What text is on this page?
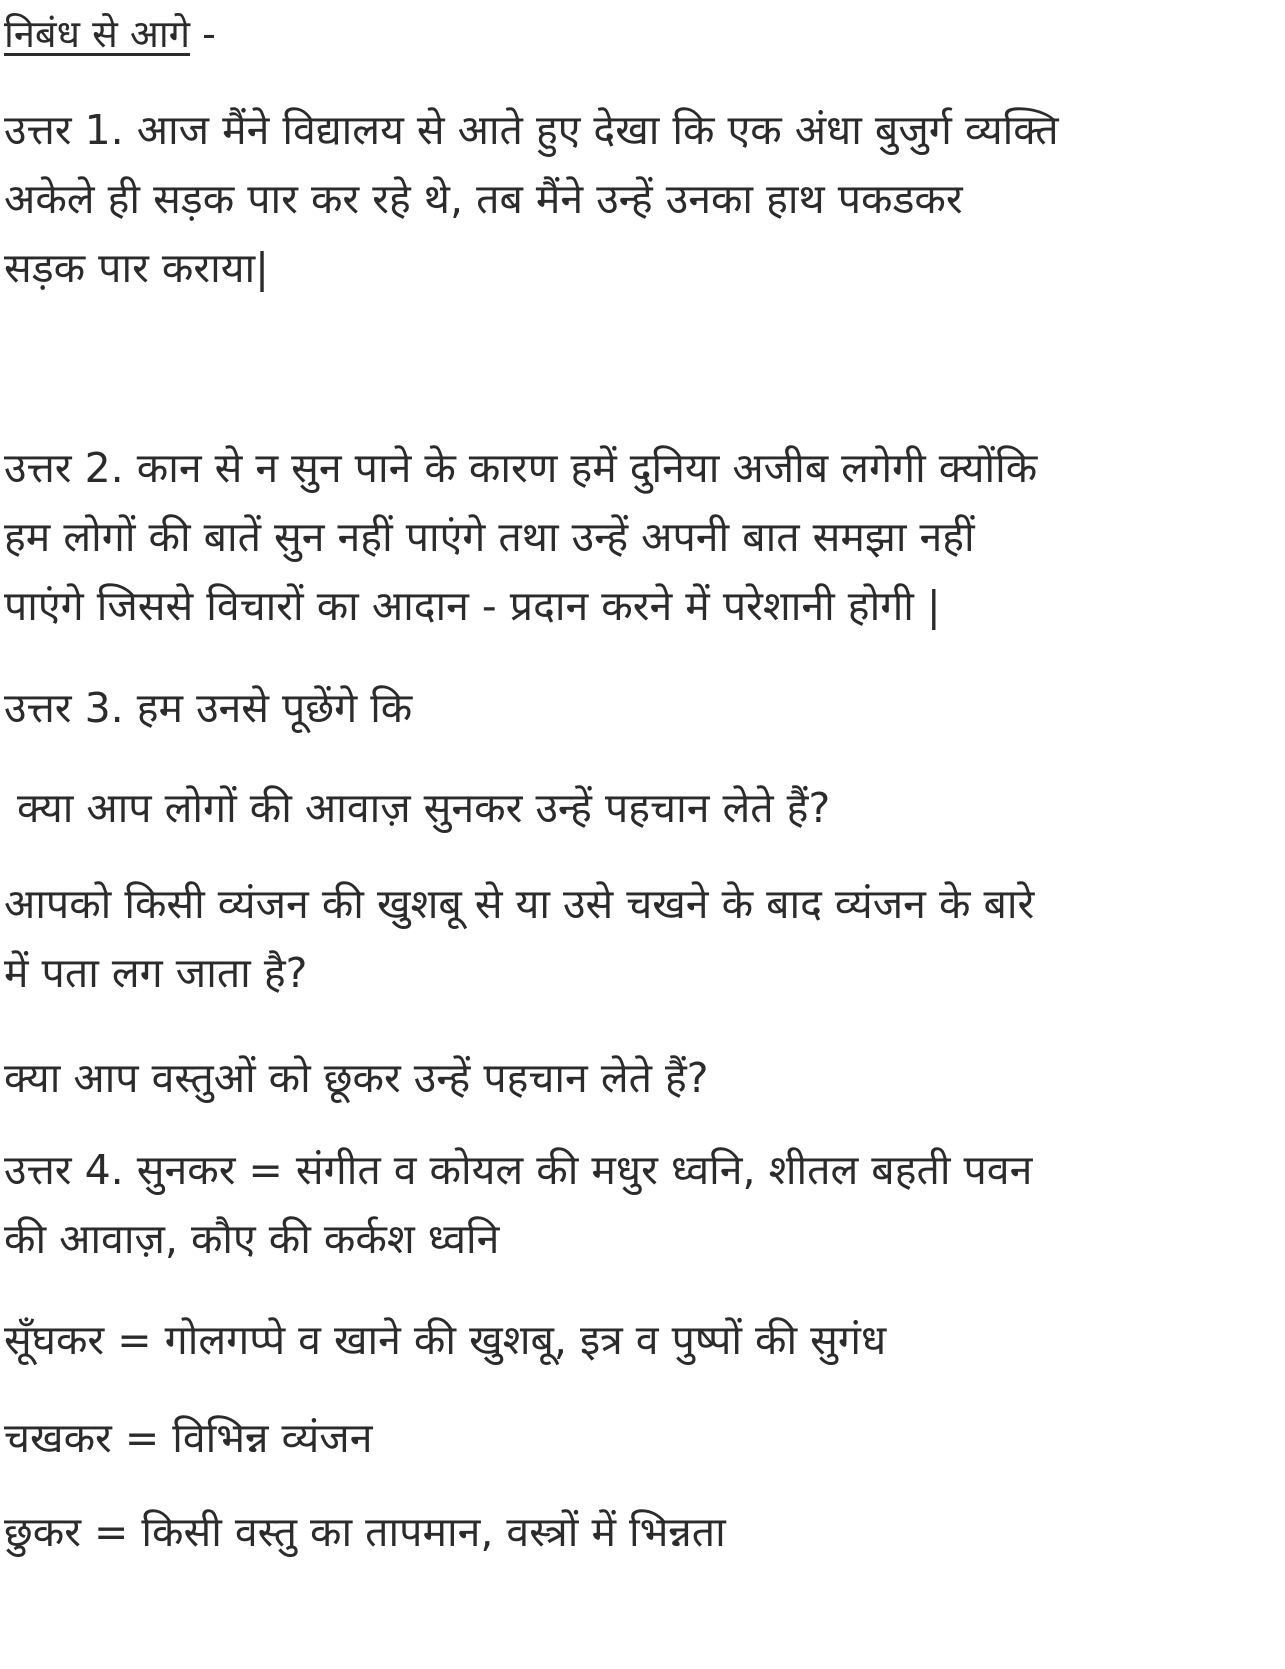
निबंध से आगे -

उत्तर 1. आज मैंने विद्यालय से आते हुए देखा कि एक अंधा बुजुर्ग व्यक्ति

अकेले ही सड़क पार कर रहे थे, तब मैंने उन्हें उनका हाथ पकडकर

सड़क पार कराया|

उत्तर 2. कान से न सुन पाने के कारण हमें दुनिया अजीब लगेगी क्योंकि

हम लोगों की बातें सुन नहीं पाएंगे तथा उन्हें अपनी बात समझा नहीं

पाएंगे जिससे विचारों का आदान - प्रदान करने में परेशानी होगी |

उत्तर 3. हम उनसे पूछेंगे कि

क्या आप लोगों की आवाज़ सुनकर उन्हें पहचान लेते हैं?

आपको किसी व्यंजन की खुशबू से या उसे चखने के बाद व्यंजन के बारे

में पता लग जाता है?

क्या आप वस्तुओं को छूकर उन्हें पहचान लेते हैं?

उत्तर 4. सुनकर = संगीत व कोयल की मधुर ध्वनि, शीतल बहती पवन

की आवाज़, कौए की कर्कश ध्वनि

सूँघकर = गोलगप्पे व खाने की खुशबू, इत्र व पुष्पों की सुगंध

चखकर = विभिन्न व्यंजन

छुकर = किसी वस्तु का तापमान, वस्त्रों में भिन्नता
